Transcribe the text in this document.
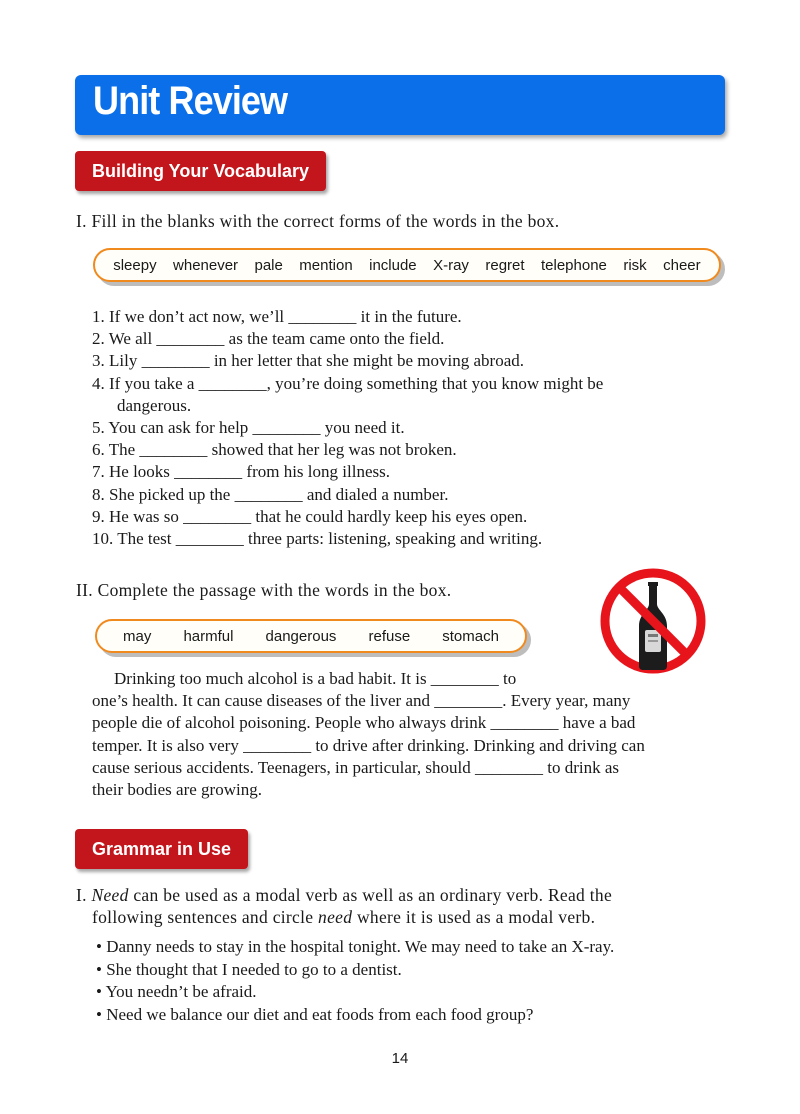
Unit Review
Building Your Vocabulary
I. Fill in the blanks with the correct forms of the words in the box.
sleepy whenever pale mention include X-ray regret telephone risk cheer
1. If we don’t act now, we’ll ________ it in the future.
2. We all ________ as the team came onto the field.
3. Lily ________ in her letter that she might be moving abroad.
4. If you take a ________, you’re doing something that you know might be
dangerous.
5. You can ask for help ________ you need it.
6. The ________ showed that her leg was not broken.
7. He looks ________ from his long illness.
8. She picked up the ________ and dialed a number.
9. He was so ________ that he could hardly keep his eyes open.
10. The test ________ three parts: listening, speaking and writing.
II. Complete the passage with the words in the box.
may harmful dangerous refuse stomach
Drinking too much alcohol is a bad habit. It is ________ to
one’s health. It can cause diseases of the liver and ________. Every year, many
people die of alcohol poisoning. People who always drink ________ have a bad
temper. It is also very ________ to drive after drinking. Drinking and driving can
cause serious accidents. Teenagers, in particular, should ________ to drink as
their bodies are growing.
Grammar in Use
I. Need can be used as a modal verb as well as an ordinary verb. Read the
following sentences and circle need where it is used as a modal verb.
• Danny needs to stay in the hospital tonight. We may need to take an X-ray.
• She thought that I needed to go to a dentist.
• You needn’t be afraid.
• Need we balance our diet and eat foods from each food group?
14
